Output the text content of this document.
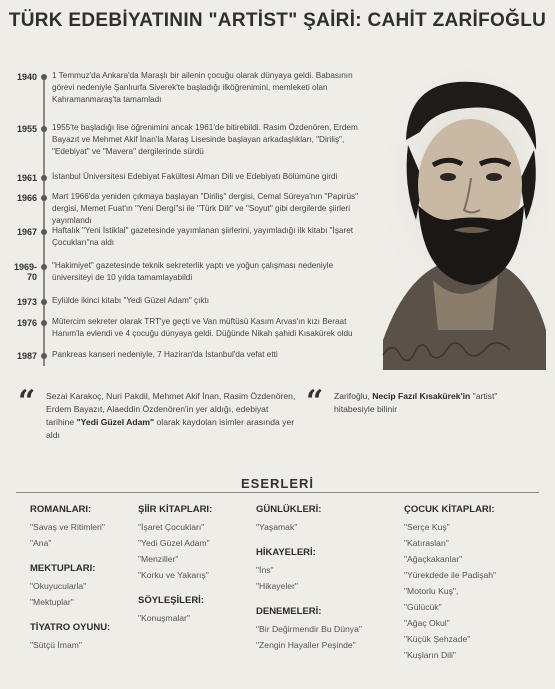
TÜRK EDEBİYATININ "ARTİST" ŞAİRİ: CAHİT ZARİFOĞLU
1940 1 Temmuz'da Ankara'da Maraşlı bir ailenin çocuğu olarak dünyaya geldi. Babasının görevi nedeniyle Şanlıurfa Siverek'te başladığı ilköğrenimini, memleketi olan Kahramanmaraş'ta tamamladı
1955 1955'te başladığı lise öğrenimini ancak 1961'de bitirebildi. Rasim Özdenören, Erdem Bayazıt ve Mehmet Akif İnan'la Maraş Lisesinde başlayan arkadaşlıkları, "Diriliş", "Edebiyat" ve "Mavera" dergilerinde sürdü
1961 İstanbul Üniversitesi Edebiyat Fakültesi Alman Dili ve Edebiyatı Bölümüne girdi
1966 Mart 1966'da yeniden çıkmaya başlayan "Diriliş" dergisi, Cemal Süreya'nın "Papirüs" dergisi, Memet Fuat'ın "Yeni Dergi"si ile "Türk Dili" ve "Soyut" gibi dergilerde şiirleri yayımlandı
1967 Haftalık "Yeni İstiklal" gazetesinde yayımlanan şiirlerini, yayımladığı ilk kitabı "İşaret Çocukları"na aldı
1969-70
"Hakimiyet" gazetesinde teknik sekreterlik yaptı ve yoğun çalışması nedeniyle üniversiteyi de 10 yılda tamamlayabildi
1973 Eylülde ikinci kitabı "Yedi Güzel Adam" çıktı
1976 Mütercim sekreter olarak TRT'ye geçti ve Van müftüsü Kasım Arvas'ın kızı Beraat Hanım'la evlendi ve 4 çocuğu dünyaya geldi. Düğünde Nikah şahidi Kısakürek oldu
1987 Pankreas kanseri nedeniyle, 7 Haziran'da İstanbul'da vefat etti
“ Sezai Karakoç, Nuri Pakdil, Mehmet Akif İnan, Rasim Özdenören, Erdem Bayazıt, Alaeddin Özdenören'in yer aldığı, edebiyat tarihine "Yedi Güzel Adam" olarak kaydolan isimler arasında yer aldı
“ Zarifoğlu, Necip Fazıl Kısakürek'in "artist" hitabesiyle bilinir
ESERLERİ
ROMANLARI:
"Savaş ve Ritimleri"
"Ana"
MEKTUPLARI:
"Okuyucularla"
"Mektuplar"
TİYATRO OYUNU:
"Sütçü İmam"
ŞİİR KİTAPLARI:
"İşaret Çocukları"
"Yedi Güzel Adam"
"Menziller"
"Korku ve Yakarış"
SÖYLEŞİLERİ:
"Konuşmalar"
GÜNLÜKLERİ:
"Yaşamak"
HİKAYELERİ:
"İns"
"Hikayeler"
DENEMELERİ:
"Bir Değirmendir Bu Dünya"
"Zengin Hayaller Peşinde"
ÇOCUK KİTAPLARI:
"Serçe Kuş"
"Katıraslan"
"Ağaçkakanlar"
"Yürekdede ile Padişah"
"Motorlu Kuş",
"Gülücük"
"Ağaç Okul"
"Küçük Şehzade"
"Kuşların Dili"
